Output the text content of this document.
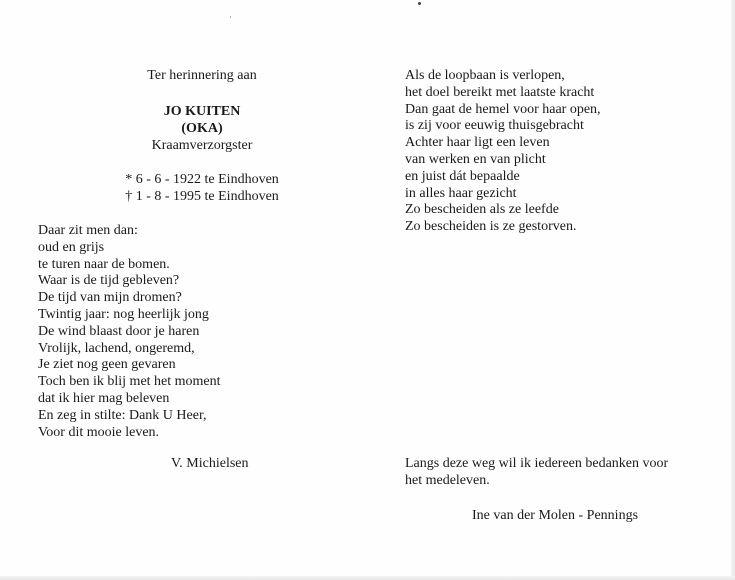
Ter herinnering aan
JO KUITEN
(OKA)
Kraamverzorgster
* 6 - 6 - 1922 te Eindhoven
† 1 - 8 - 1995 te Eindhoven
Daar zit men dan:
oud en grijs
te turen naar de bomen.
Waar is de tijd gebleven?
De tijd van mijn dromen?
Twintig jaar: nog heerlijk jong
De wind blaast door je haren
Vrolijk, lachend, ongeremd,
Je ziet nog geen gevaren
Toch ben ik blij met het moment
dat ik hier mag beleven
En zeg in stilte: Dank U Heer,
Voor dit mooie leven.
V. Michielsen
Als de loopbaan is verlopen,
het doel bereikt met laatste kracht
Dan gaat de hemel voor haar open,
is zij voor eeuwig thuisgebracht
Achter haar ligt een leven
van werken en van plicht
en juist dát bepaalde
in alles haar gezicht
Zo bescheiden als ze leefde
Zo bescheiden is ze gestorven.
Langs deze weg wil ik iedereen bedanken voor
het medeleven.
Ine van der Molen - Pennings
